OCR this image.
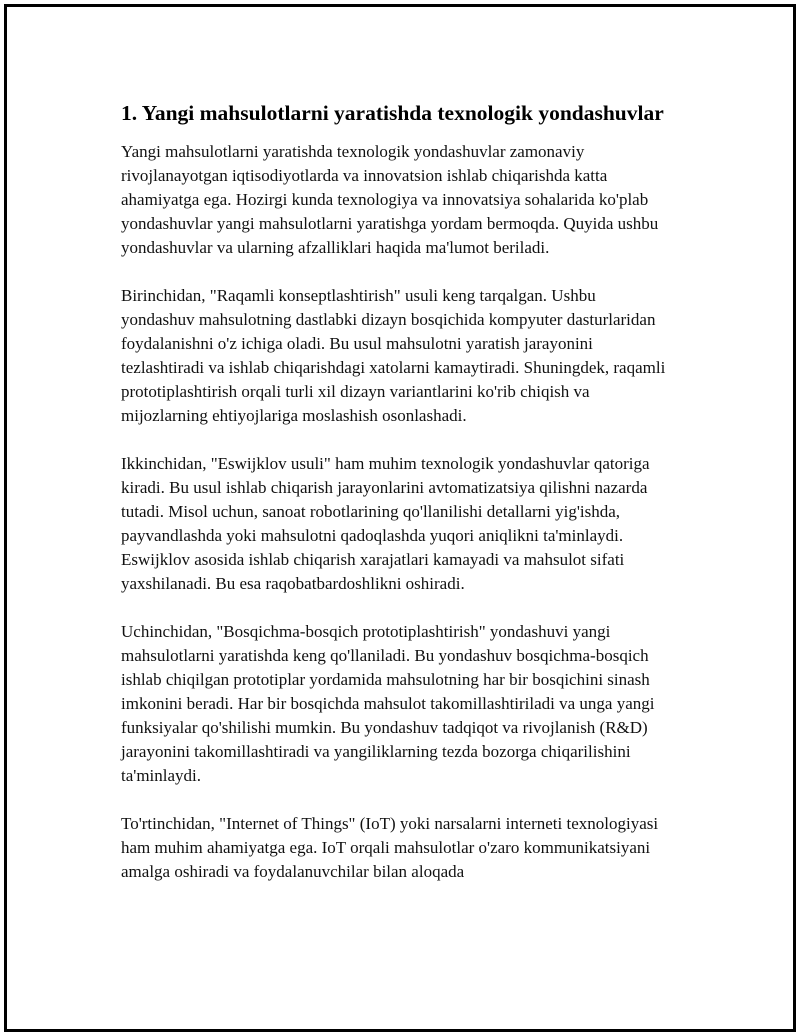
1. Yangi mahsulotlarni yaratishda texnologik yondashuvlar

Yangi mahsulotlarni yaratishda texnologik yondashuvlar zamonaviy rivojlanayotgan iqtisodiyotlarda va innovatsion ishlab chiqarishda katta ahamiyatga ega. Hozirgi kunda texnologiya va innovatsiya sohalarida ko'plab yondashuvlar yangi mahsulotlarni yaratishga yordam bermoqda. Quyida ushbu yondashuvlar va ularning afzalliklari haqida ma'lumot beriladi.

Birinchidan, "Raqamli konseptlashtirish" usuli keng tarqalgan. Ushbu yondashuv mahsulotning dastlabki dizayn bosqichida kompyuter dasturlaridan foydalanishni o'z ichiga oladi. Bu usul mahsulotni yaratish jarayonini tezlashtiradi va ishlab chiqarishdagi xatolarni kamaytiradi. Shuningdek, raqamli prototiplashtirish orqali turli xil dizayn variantlarini ko'rib chiqish va mijozlarning ehtiyojlariga moslashish osonlashadi.

Ikkinchidan, "Eswijklov usuli" ham muhim texnologik yondashuvlar qatoriga kiradi. Bu usul ishlab chiqarish jarayonlarini avtomatizatsiya qilishni nazarda tutadi. Misol uchun, sanoat robotlarining qo'llanilishi detallarni yig'ishda, payvandlashda yoki mahsulotni qadoqlashda yuqori aniqlikni ta'minlaydi. Eswijklov asosida ishlab chiqarish xarajatlari kamayadi va mahsulot sifati yaxshilanadi. Bu esa raqobatbardoshlikni oshiradi.

Uchinchidan, "Bosqichma-bosqich prototiplashtirish" yondashuvi yangi mahsulotlarni yaratishda keng qo'llaniladi. Bu yondashuv bosqichma-bosqich ishlab chiqilgan prototiplar yordamida mahsulotning har bir bosqichini sinash imkonini beradi. Har bir bosqichda mahsulot takomillashtiriladi va unga yangi funksiyalar qo'shilishi mumkin. Bu yondashuv tadqiqot va rivojlanish (R&D) jarayonini takomillashtiradi va yangiliklarning tezda bozorga chiqarilishini ta'minlaydi.

To'rtinchidan, "Internet of Things" (IoT) yoki narsalarni interneti texnologiyasi ham muhim ahamiyatga ega. IoT orqali mahsulotlar o'zaro kommunikatsiyani amalga oshiradi va foydalanuvchilar bilan aloqada
